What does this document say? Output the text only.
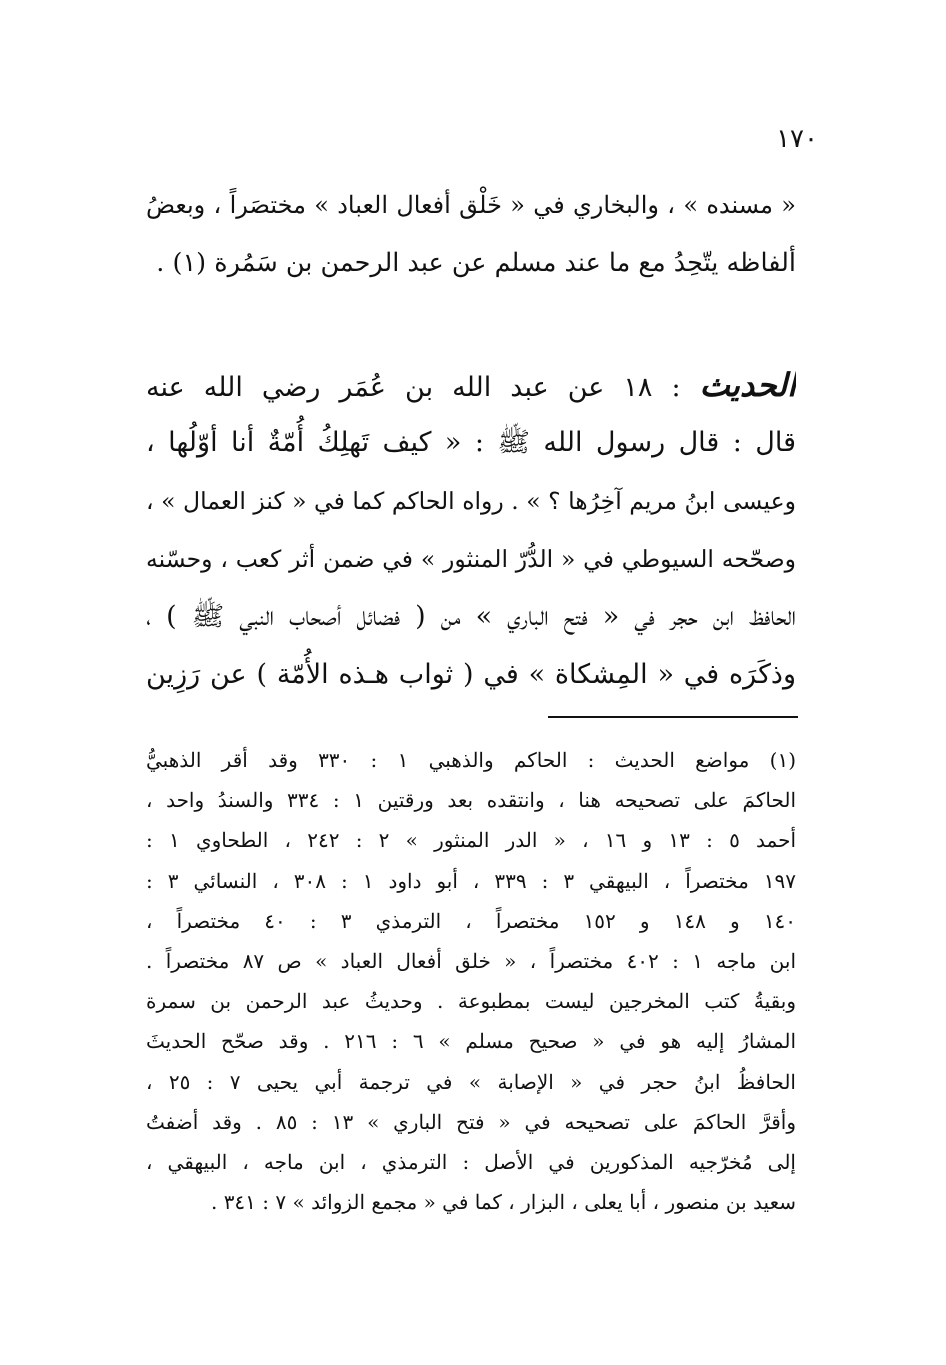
١٧٠
« مسنده » ، والبخاري في « خَلْق أفعال العباد » مختصَراً ، وبعضُ
ألفاظه يتّحِدُ مع ما عند مسلم عن عبد الرحمن بن سَمُرة (١) .
الحديث : ١٨ عن عبد الله بن عُمَر رضي الله عنه
قال : قال رسول الله ﷺ : « كيف تَهلِكُ أُمّةٌ أنا أوّلُها ،
وعيسى ابنُ مريم آخِرُها ؟ » . رواه الحاكم كما في « كنز العمال » ،
وصحّحه السيوطي في « الدُّرّ المنثور » في ضمن أثر كعب ، وحسّنه
الحافظ ابن حجر في « فتح الباري » من ( فضائل أصحاب النبي ﷺ ) ،
وذكَرَه في « المِشكاة » في ( ثواب هـذه الأُمّة ) عن رَزِين
(١) مواضع الحديث : الحاكم والذهبي ١ : ٣٣٠ وقد أقر الذهبيُّ
الحاكمَ على تصحيحه هنا ، وانتقده بعد ورقتين ١ : ٣٣٤ والسندُ واحد ،
أحمد ٥ : ١٣ و ١٦ ، « الدر المنثور » ٢ : ٢٤٢ ، الطحاوي ١ :
١٩٧ مختصراً ، البيهقي ٣ : ٣٣٩ ، أبو داود ١ : ٣٠٨ ، النسائي ٣ :
١٤٠ و ١٤٨ و ١٥٢ مختصراً ، الترمذي ٣ : ٤٠ مختصراً ،
ابن ماجه ١ : ٤٠٢ مختصراً ، « خلق أفعال العباد » ص ٨٧ مختصراً .
وبقيةُ كتب المخرجين ليست بمطبوعة . وحديثُ عبد الرحمن بن سمرة
المشارُ إليه هو في « صحيح مسلم » ٦ : ٢١٦ . وقد صحّح الحديثَ
الحافظُ ابنُ حجر في « الإصابة » في ترجمة أبي يحيى ٧ : ٢٥ ،
وأقرَّ الحاكمَ على تصحيحه في « فتح الباري » ١٣ : ٨٥ . وقد أضفتُ
إلى مُخرّجيه المذكورين في الأصل : الترمذي ، ابن ماجه ، البيهقي ،
سعيد بن منصور ، أبا يعلى ، البزار ، كما في « مجمع الزوائد » ٧ : ٣٤١ .
